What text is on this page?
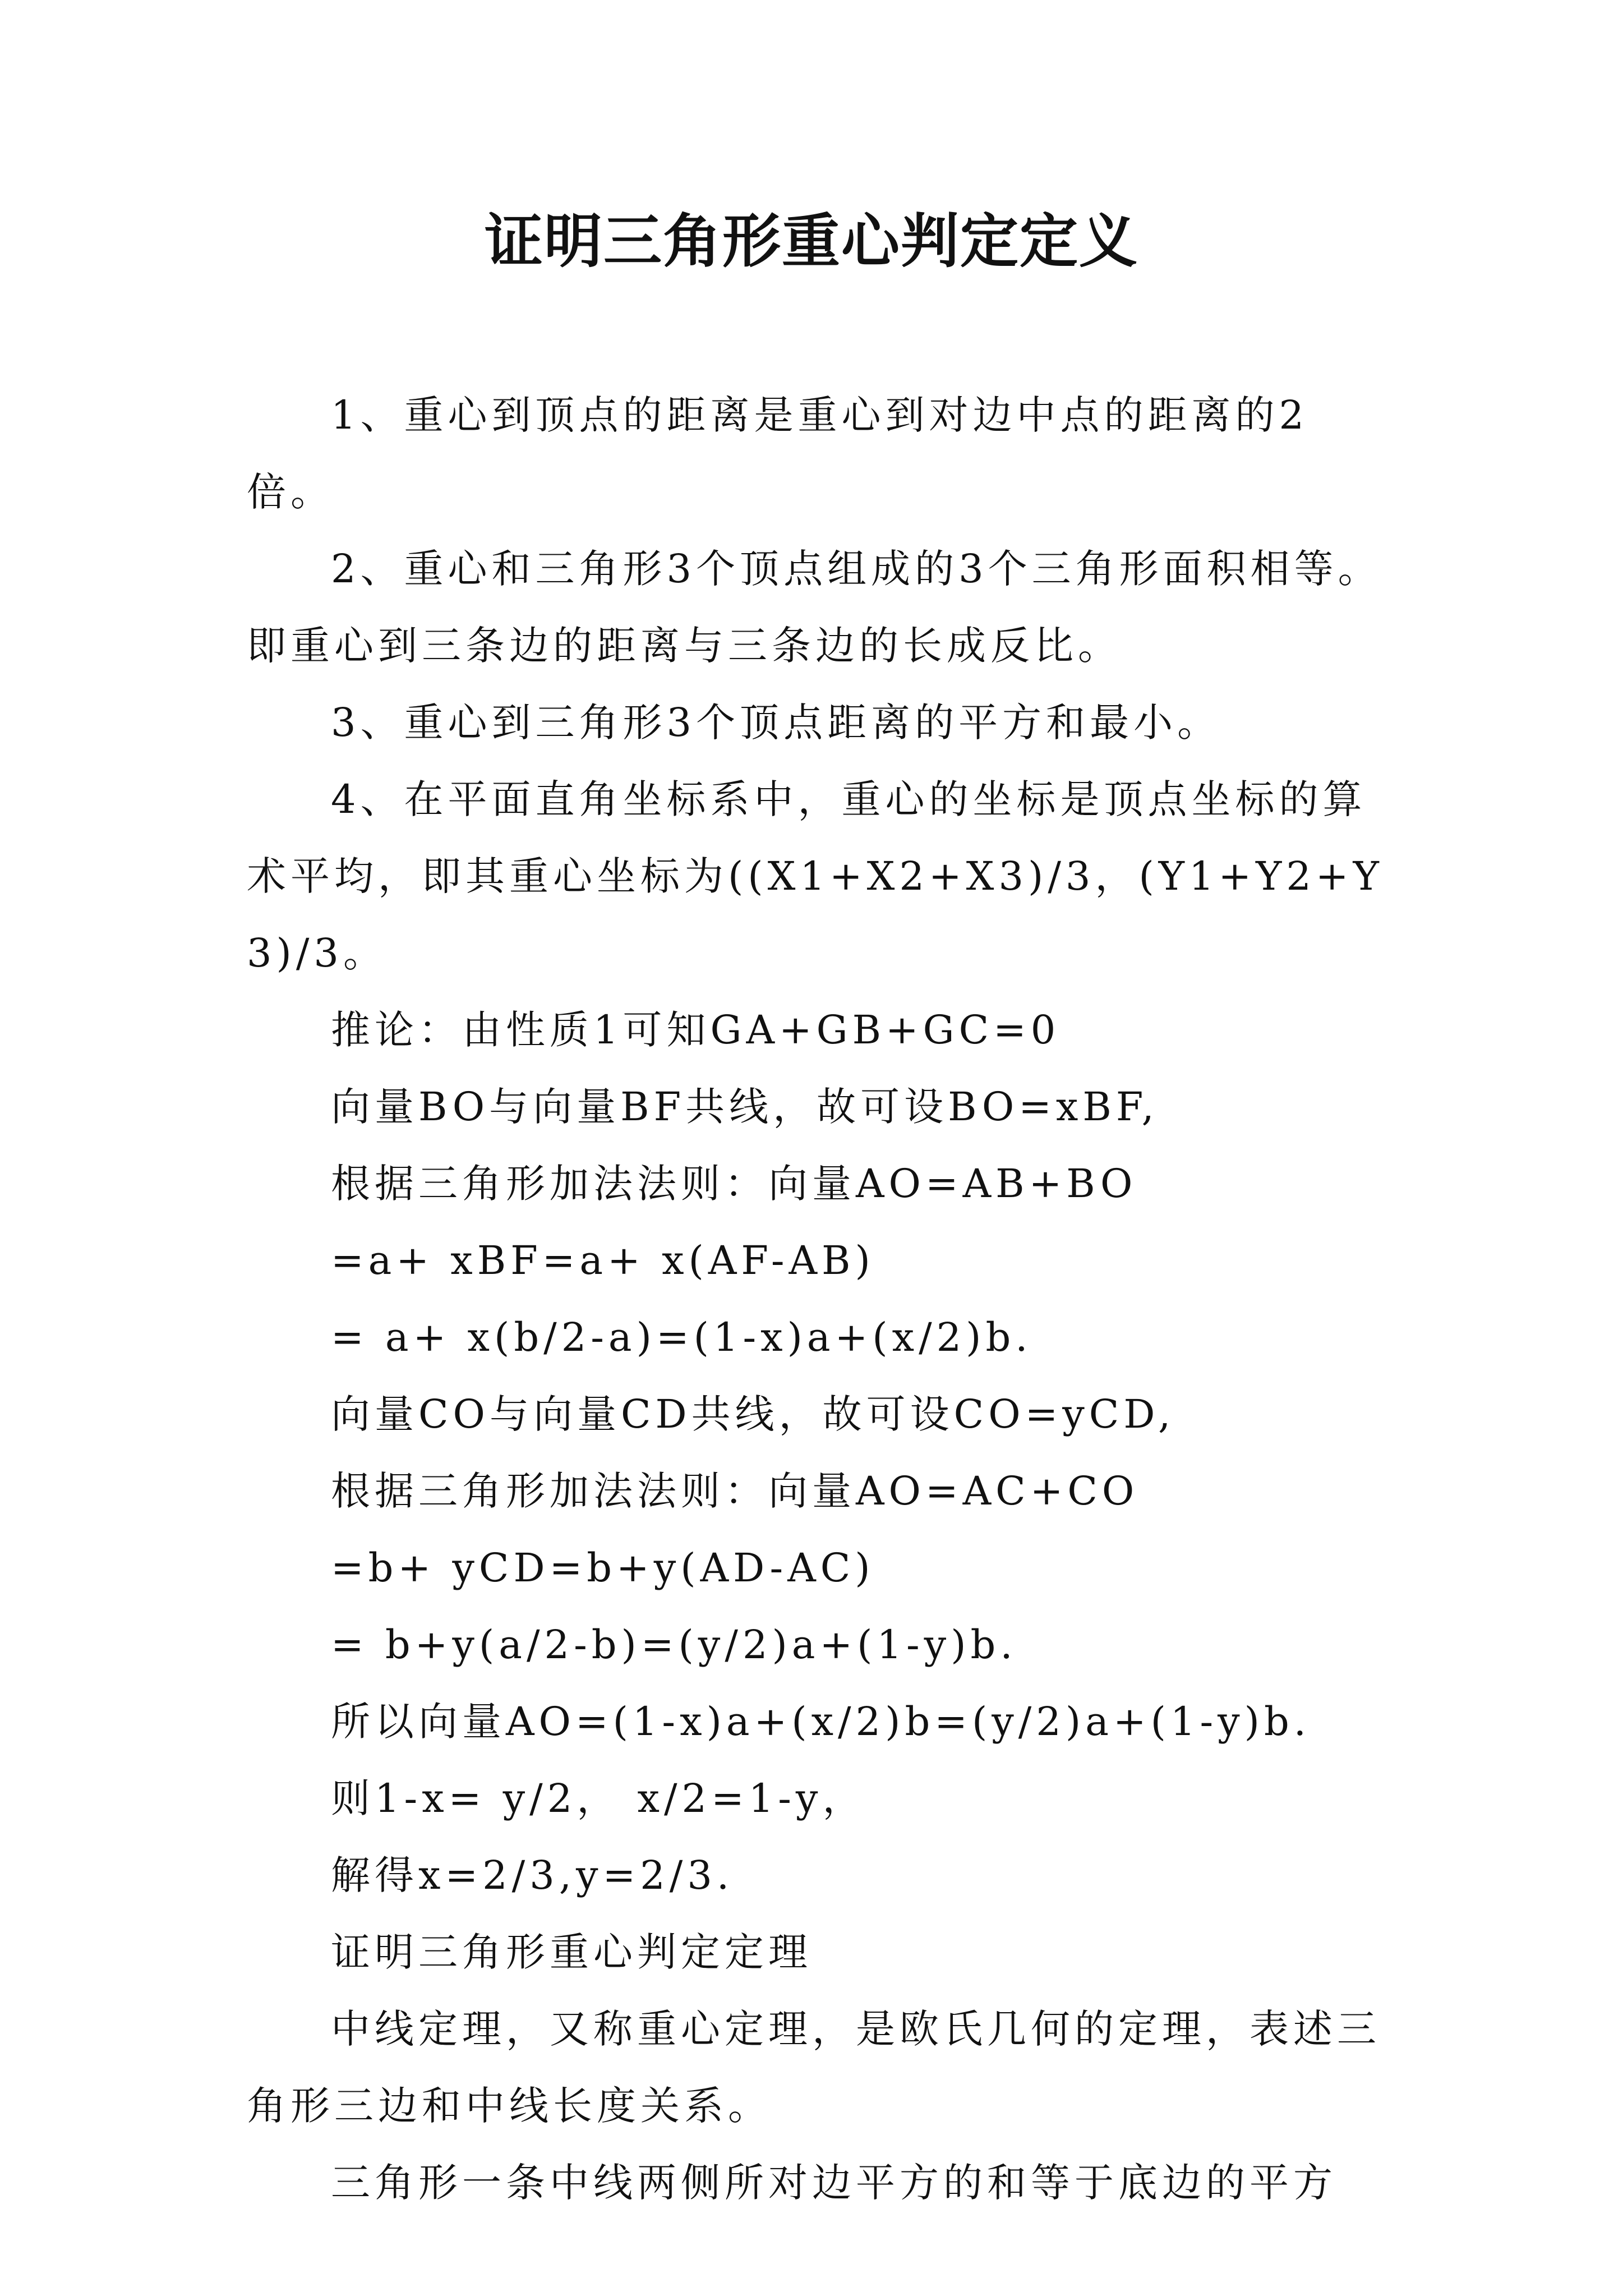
证明三角形重心判定定义

1、重心到顶点的距离是重心到对边中点的距离的2倍。

2、重心和三角形3个顶点组成的3个三角形面积相等。即重心到三条边的距离与三条边的长成反比。

3、重心到三角形3个顶点距离的平方和最小。

4、在平面直角坐标系中，重心的坐标是顶点坐标的算术平均，即其重心坐标为((X1+X2+X3)/3，(Y1+Y2+Y3)/3。

推论：由性质1可知GA+GB+GC=0

向量BO与向量BF共线，故可设BO=xBF,

根据三角形加法法则：向量AO=AB+BO

=a+ xBF=a+ x(AF-AB)

= a+ x(b/2-a)=(1-x)a+(x/2)b.

向量CO与向量CD共线，故可设CO=yCD,

根据三角形加法法则：向量AO=AC+CO

=b+ yCD=b+y(AD-AC)

= b+y(a/2-b)=(y/2)a+(1-y)b.

所以向量AO=(1-x)a+(x/2)b=(y/2)a+(1-y)b.

则1-x= y/2， x/2=1-y，

解得x=2/3,y=2/3.

证明三角形重心判定定理

中线定理，又称重心定理，是欧氏几何的定理，表述三角形三边和中线长度关系。

三角形一条中线两侧所对边平方的和等于底边的平方
